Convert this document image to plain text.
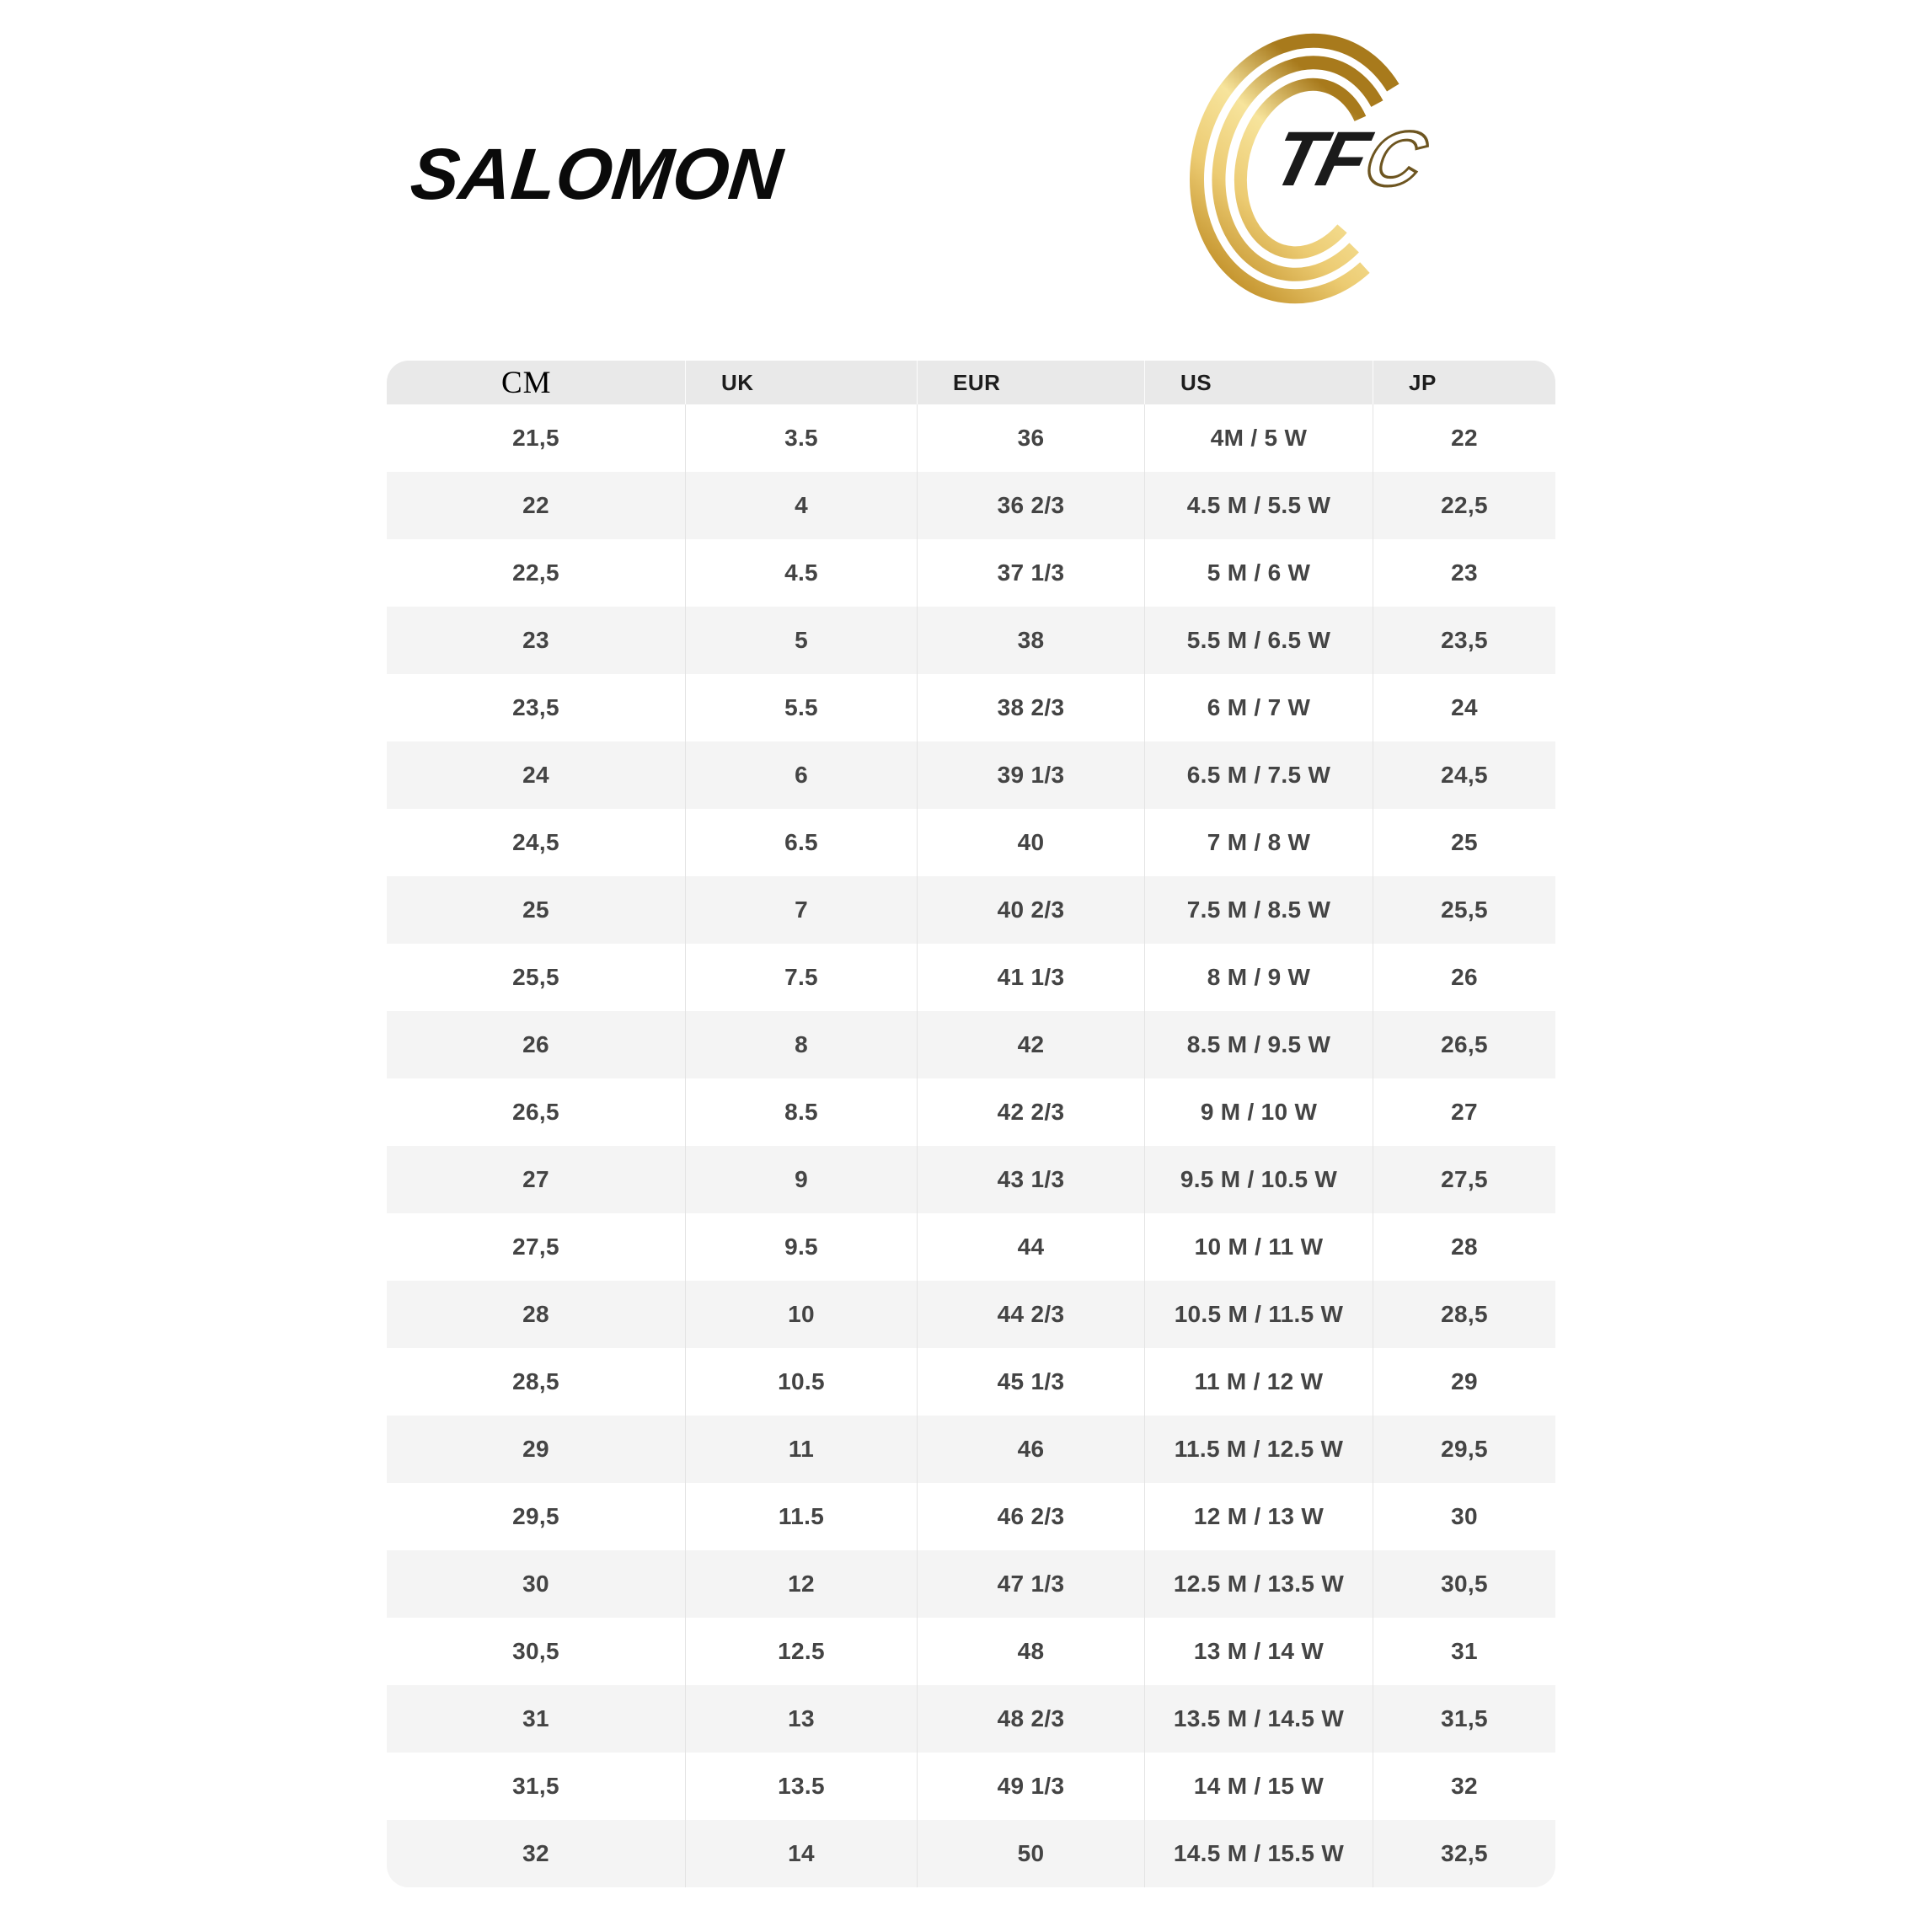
SALOMON	TF
C
CM	UK	EUR	US	JP
21,5	3.5	36	4M / 5 W	22
22	4	36 2/3	4.5 M / 5.5 W	22,5
22,5	4.5	37 1/3	5 M / 6 W	23
23	5	38	5.5 M / 6.5 W	23,5
23,5	5.5	38 2/3	6 M / 7 W	24
24	6	39 1/3	6.5 M / 7.5 W	24,5
24,5	6.5	40	7 M / 8 W	25
25	7	40 2/3	7.5 M / 8.5 W	25,5
25,5	7.5	41 1/3	8 M / 9 W	26
26	8	42	8.5 M / 9.5 W	26,5
26,5	8.5	42 2/3	9 M / 10 W	27
27	9	43 1/3	9.5 M / 10.5 W	27,5
27,5	9.5	44	10 M / 11 W	28
28	10	44 2/3	10.5 M / 11.5 W	28,5
28,5	10.5	45 1/3	11 M / 12 W	29
29	11	46	11.5 M / 12.5 W	29,5
29,5	11.5	46 2/3	12 M / 13 W	30
30	12	47 1/3	12.5 M / 13.5 W	30,5
30,5	12.5	48	13 M / 14 W	31
31	13	48 2/3	13.5 M / 14.5 W	31,5
31,5	13.5	49 1/3	14 M / 15 W	32
32	14	50	14.5 M / 15.5 W	32,5
